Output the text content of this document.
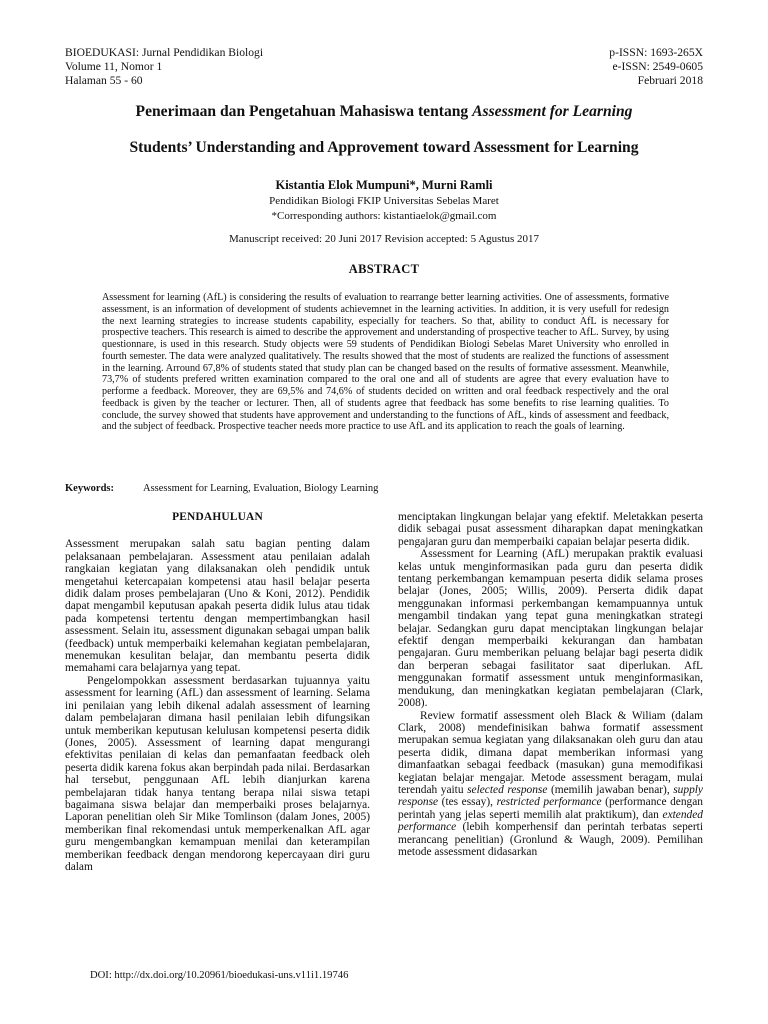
BIOEDUKASI: Jurnal Pendidikan Biologi
Volume 11, Nomor 1
Halaman 55 - 60
p-ISSN: 1693-265X
e-ISSN: 2549-0605
Februari 2018
Penerimaan dan Pengetahuan Mahasiswa tentang Assessment for Learning
Students’ Understanding and Approvement toward Assessment for Learning
Kistantia Elok Mumpuni*, Murni Ramli
Pendidikan Biologi FKIP Universitas Sebelas Maret
*Corresponding authors: kistantiaelok@gmail.com
Manuscript received: 20 Juni 2017 Revision accepted: 5 Agustus 2017
ABSTRACT
Assessment for learning (AfL) is considering the results of evaluation to rearrange better learning activities. One of assessments, formative assessment, is an information of development of students achievemnet in the learning activities. In addition, it is very usefull for redesign the next learning strategies to increase students capability, especially for teachers. So that, ability to conduct AfL is necessary for prospective teachers. This research is aimed to describe the approvement and understanding of prospective teacher to AfL. Survey, by using questionnare, is used in this research. Study objects were 59 students of Pendidikan Biologi Sebelas Maret University who enrolled in fourth semester. The data were analyzed qualitatively. The results showed that the most of students are realized the functions of assessment in the learning. Arround 67,8% of students stated that study plan can be changed based on the results of formative assessment. Meanwhile, 73,7% of students prefered written examination compared to the oral one and all of students are agree that every evaluation have to performe a feedback. Moreover, they are 69,5% and 74,6% of students decided on written and oral feedback respectively and the oral feedback is given by the teacher or lecturer. Then, all of students agree that feedback has some benefits to rise learning qualities. To conclude, the survey showed that students have approvement and understanding to the functions of AfL, kinds of assessment and feedback, and the subject of feedback. Prospective teacher needs more practice to use AfL and its application to reach the goals of learning.
Keywords:	Assessment for Learning, Evaluation, Biology Learning
PENDAHULUAN

Assessment merupakan salah satu bagian penting dalam pelaksanaan pembelajaran. Assessment atau penilaian adalah rangkaian kegiatan yang dilaksanakan oleh pendidik untuk mengetahui ketercapaian kompetensi atau hasil belajar peserta didik dalam proses pembelajaran (Uno & Koni, 2012). Pendidik dapat mengambil keputusan apakah peserta didik lulus atau tidak pada kompetensi tertentu dengan mempertimbangkan hasil assessment. Selain itu, assessment digunakan sebagai umpan balik (feedback) untuk memperbaiki kelemahan kegiatan pembelajaran, menemukan kesulitan belajar, dan membantu peserta didik memahami cara belajarnya yang tepat.

Pengelompokkan assessment berdasarkan tujuannya yaitu assessment for learning (AfL) dan assessment of learning. Selama ini penilaian yang lebih dikenal adalah assessment of learning dalam pembelajaran dimana hasil penilaian lebih difungsikan untuk memberikan keputusan kelulusan kompetensi peserta didik (Jones, 2005). Assessment of learning dapat mengurangi efektivitas penilaian di kelas dan pemanfaatan feedback oleh peserta didik karena fokus akan berpindah pada nilai. Berdasarkan hal tersebut, penggunaan AfL lebih dianjurkan karena pembelajaran tidak hanya tentang berapa nilai siswa tetapi bagaimana siswa belajar dan memperbaiki proses belajarnya. Laporan penelitian oleh Sir Mike Tomlinson (dalam Jones, 2005) memberikan final rekomendasi untuk memperkenalkan AfL agar guru mengembangkan kemampuan menilai dan keterampilan memberikan feedback dengan mendorong kepercayaan diri guru dalam

menciptakan lingkungan belajar yang efektif. Meletakkan peserta didik sebagai pusat assessment diharapkan dapat meningkatkan pengajaran guru dan memperbaiki capaian belajar peserta didik.

Assessment for Learning (AfL) merupakan praktik evaluasi kelas untuk menginformasikan pada guru dan peserta didik tentang perkembangan kemampuan peserta didik selama proses belajar (Jones, 2005; Willis, 2009). Perserta didik dapat menggunakan informasi perkembangan kemampuannya untuk mengambil tindakan yang tepat guna meningkatkan strategi belajar. Sedangkan guru dapat menciptakan lingkungan belajar efektif dengan memperbaiki kekurangan dan hambatan pengajaran. Guru memberikan peluang belajar bagi peserta didik dan berperan sebagai fasilitator saat diperlukan. AfL menggunakan formatif assessment untuk menginformasikan, mendukung, dan meningkatkan kegiatan pembelajaran (Clark, 2008).

Review formatif assessment oleh Black & Wiliam (dalam Clark, 2008) mendefinisikan bahwa formatif assessment merupakan semua kegiatan yang dilaksanakan oleh guru dan atau peserta didik, dimana dapat memberikan informasi yang dimanfaatkan sebagai feedback (masukan) guna memodifikasi kegiatan belajar mengajar. Metode assessment beragam, mulai terendah yaitu selected response (memilih jawaban benar), supply response (tes essay), restricted performance (performance dengan perintah yang jelas seperti memilih alat praktikum), dan extended performance (lebih komperhensif dan perintah terbatas seperti merancang penelitian) (Gronlund & Waugh, 2009). Pemilihan metode assessment didasarkan

DOI: http://dx.doi.org/10.20961/bioedukasi-uns.v11i1.19746
